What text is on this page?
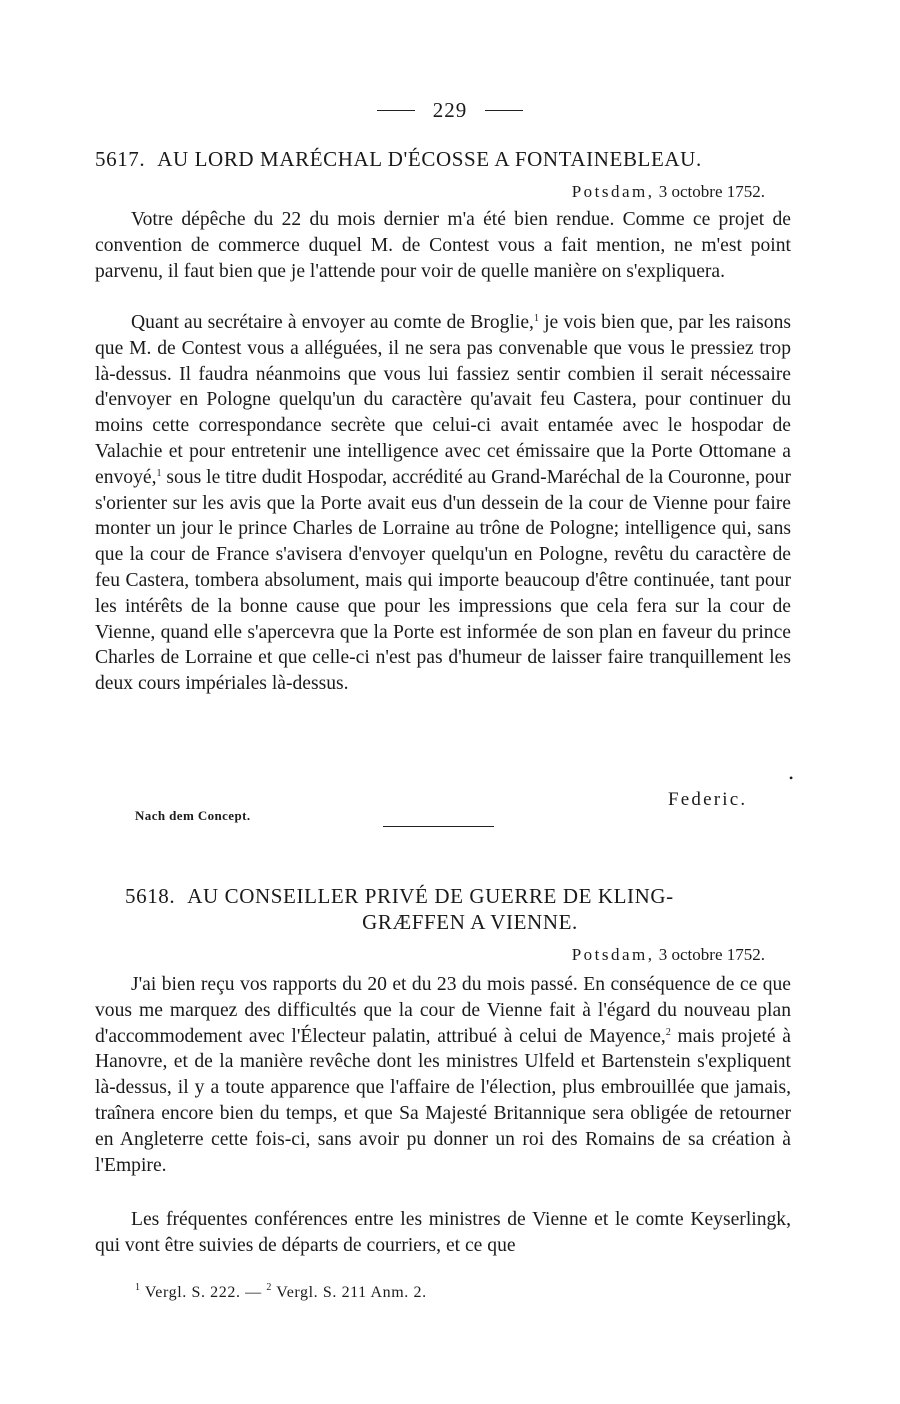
229
5617. AU LORD MARÉCHAL D'ÉCOSSE A FONTAINEBLEAU.
Potsdam, 3 octobre 1752.

Votre dépêche du 22 du mois dernier m'a été bien rendue. Comme ce projet de convention de commerce duquel M. de Contest vous a fait mention, ne m'est point parvenu, il faut bien que je l'attende pour voir de quelle manière on s'expliquera.

Quant au secrétaire à envoyer au comte de Broglie,$^1$ je vois bien que, par les raisons que M. de Contest vous a alléguées, il ne sera pas convenable que vous le pressiez trop là-dessus. Il faudra néanmoins que vous lui fassiez sentir combien il serait nécessaire d'envoyer en Pologne quelqu'un du caractère qu'avait feu Castera, pour continuer du moins cette correspondance secrète que celui-ci avait entamée avec le hospodar de Valachie et pour entretenir une intelligence avec cet émissaire que la Porte Ottomane a envoyé,$^1$ sous le titre dudit Hospodar, accrédité au Grand-Maréchal de la Couronne, pour s'orienter sur les avis que la Porte avait eus d'un dessein de la cour de Vienne pour faire monter un jour le prince Charles de Lorraine au trône de Pologne; intelligence qui, sans que la cour de France s'avisera d'envoyer quelqu'un en Pologne, revêtu du caractère de feu Castera, tombera absolument, mais qui importe beaucoup d'être continuée, tant pour les intérêts de la bonne cause que pour les impressions que cela fera sur la cour de Vienne, quand elle s'apercevra que la Porte est informée de son plan en faveur du prince Charles de Lorraine et que celle-ci n'est pas d'humeur de laisser faire tranquillement les deux cours impériales là-dessus.

•
Federic.
Nach dem Concept.
5618. AU CONSEILLER PRIVÉ DE GUERRE DE KLING-
GRÆFFEN A VIENNE.
Potsdam, 3 octobre 1752.

J'ai bien reçu vos rapports du 20 et du 23 du mois passé. En conséquence de ce que vous me marquez des difficultés que la cour de Vienne fait à l'égard du nouveau plan d'accommodement avec l'Électeur palatin, attribué à celui de Mayence,$^2$ mais projeté à Hanovre, et de la manière revêche dont les ministres Ulfeld et Bartenstein s'expliquent là-dessus, il y a toute apparence que l'affaire de l'élection, plus embrouillée que jamais, traînera encore bien du temps, et que Sa Majesté Britannique sera obligée de retourner en Angleterre cette fois-ci, sans avoir pu donner un roi des Romains de sa création à l'Empire.

Les fréquentes conférences entre les ministres de Vienne et le comte Keyserlingk, qui vont être suivies de départs de courriers, et ce que

$^1$ Vergl. S. 222. — $^2$ Vergl. S. 211 Anm. 2.
